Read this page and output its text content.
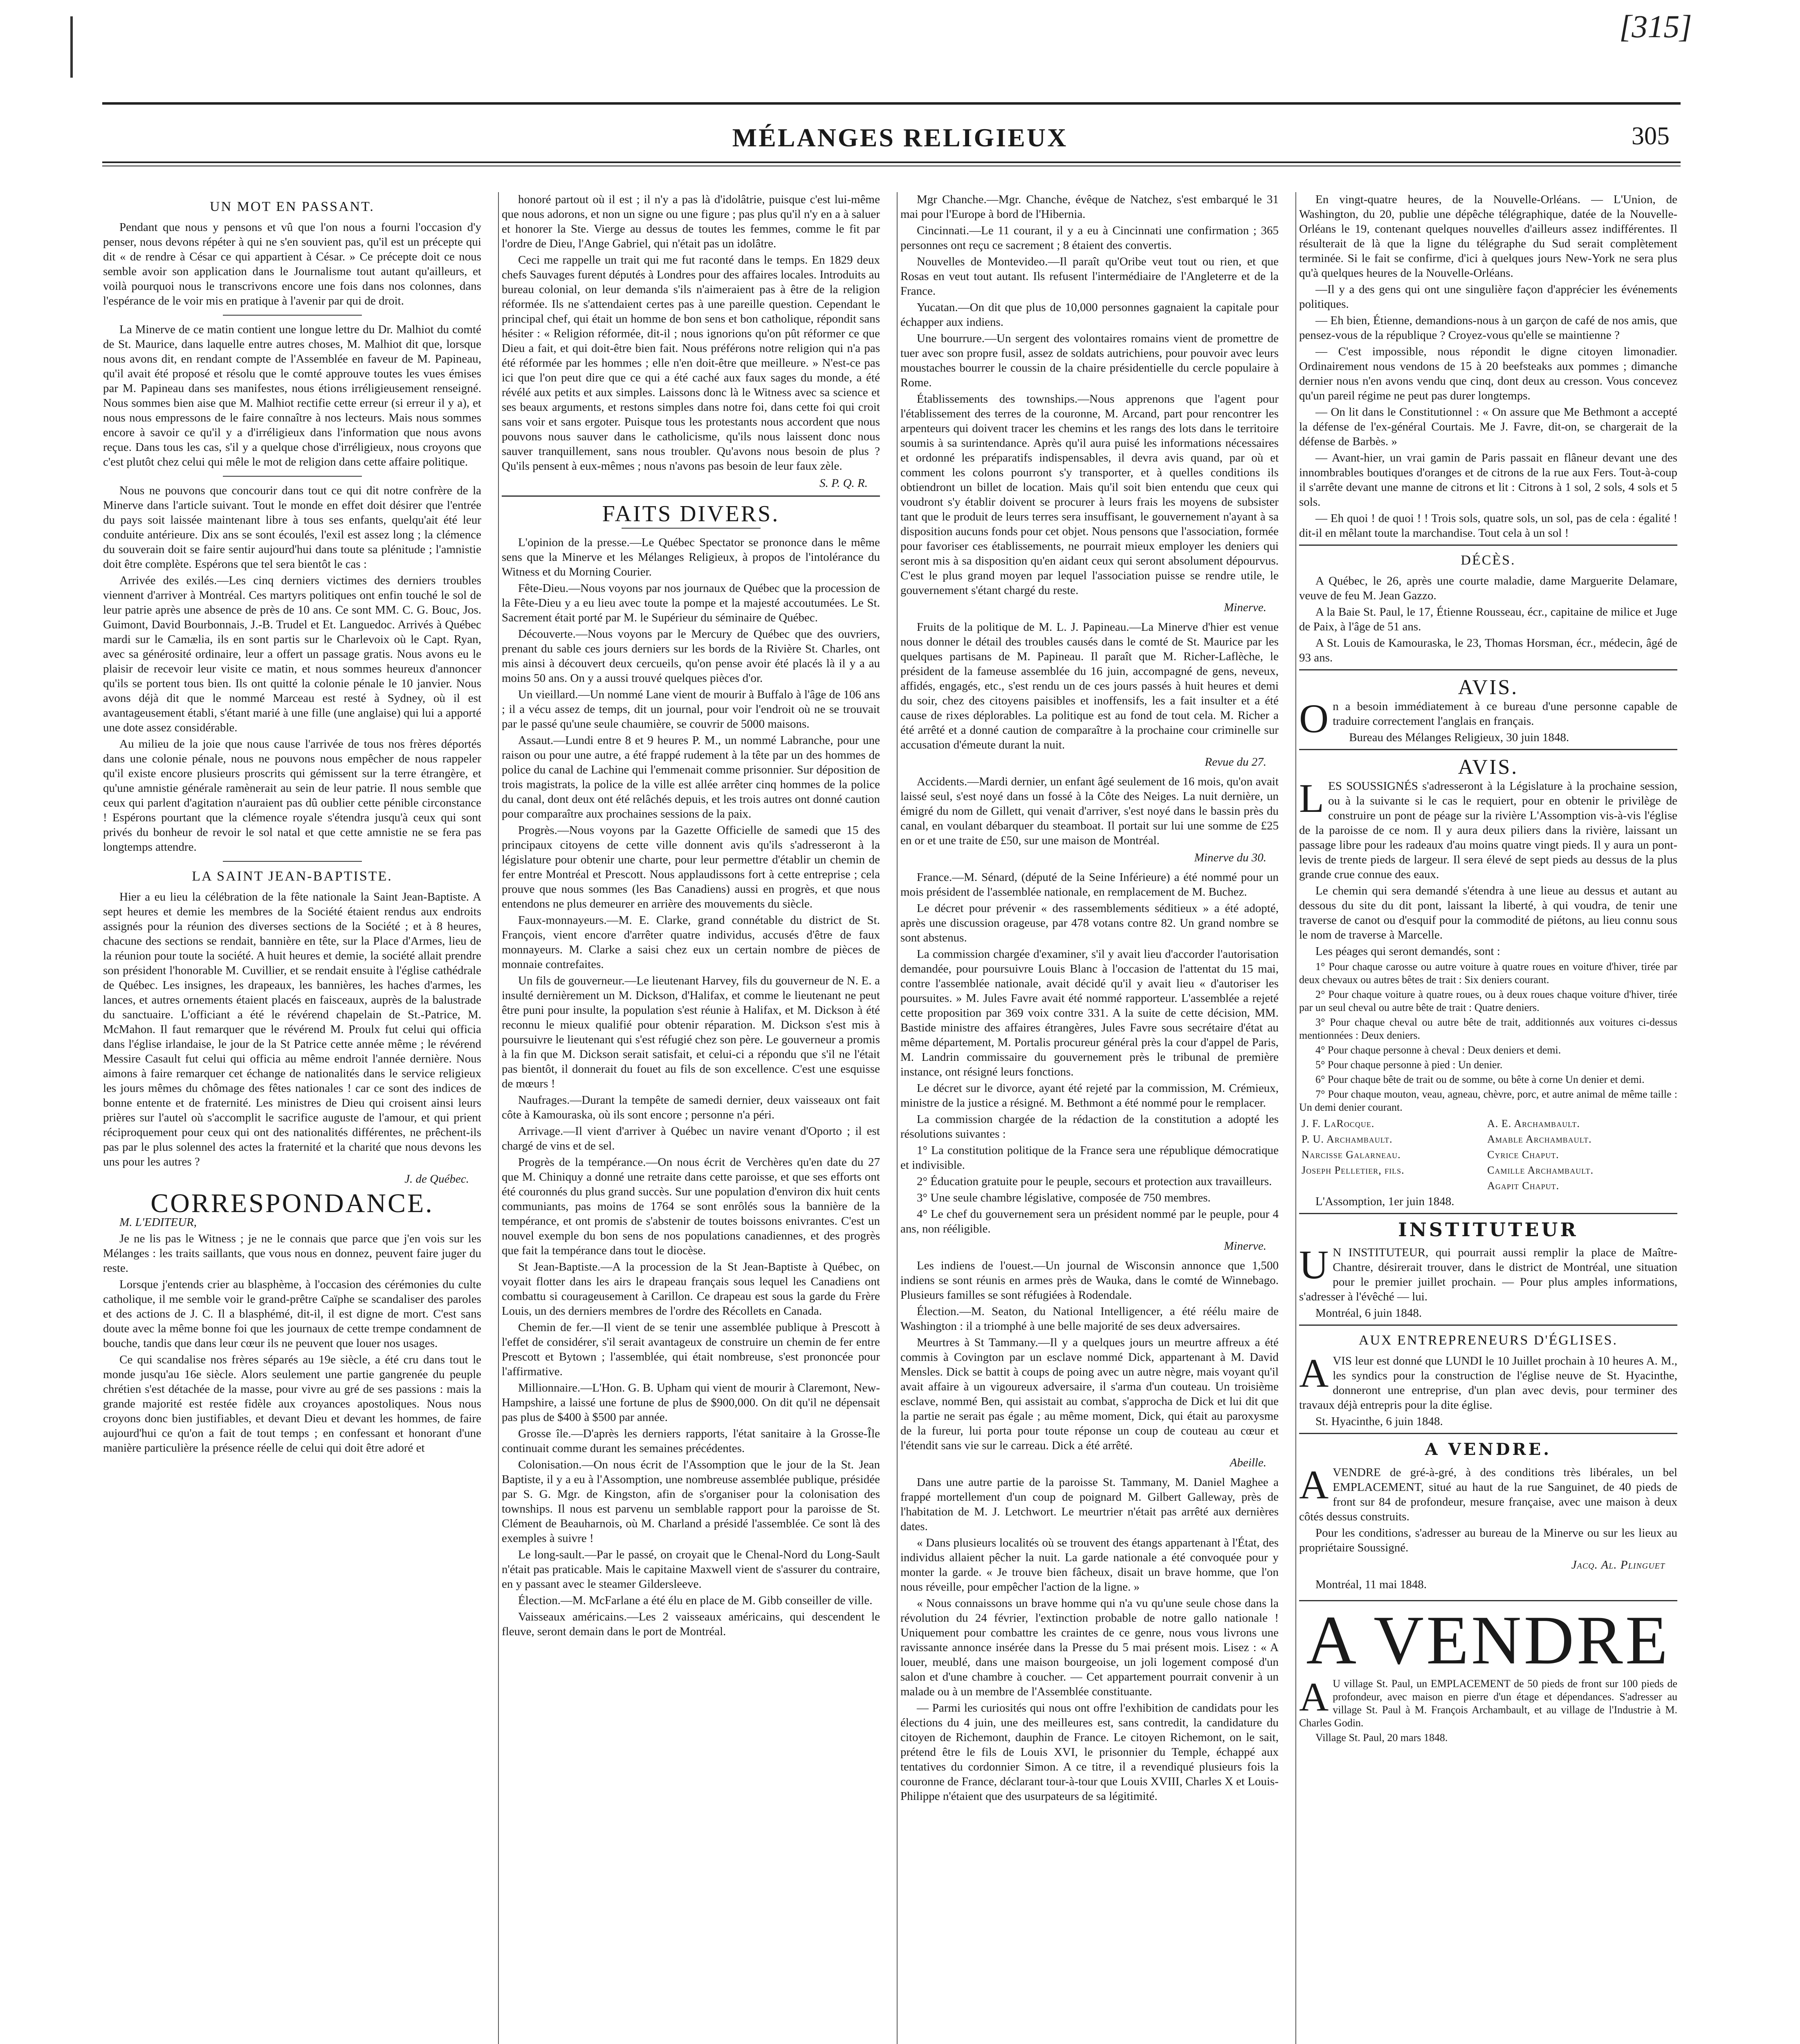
[315]
MÉLANGES RELIGIEUX	305
UN MOT EN PASSANT.

Pendant que nous y pensons et vû que l'on nous a fourni l'occasion d'y penser, nous devons répéter à qui ne s'en souvient pas, qu'il est un précepte qui dit « de rendre à César ce qui appartient à César. » Ce précepte doit ce nous semble avoir son application dans le Journalisme tout autant qu'ailleurs, et voilà pourquoi nous le transcrivons encore une fois dans nos colonnes, dans l'espérance de le voir mis en pratique à l'avenir par qui de droit.

La Minerve de ce matin contient une longue lettre du Dr. Malhiot du comté de St. Maurice, dans laquelle entre autres choses, M. Malhiot dit que, lorsque nous avons dit, en rendant compte de l'Assemblée en faveur de M. Papineau, qu'il avait été proposé et résolu que le comté approuve toutes les vues émises par M. Papineau dans ses manifestes, nous étions irréligieusement renseigné. Nous sommes bien aise que M. Malhiot rectifie cette erreur (si erreur il y a), et nous nous empressons de le faire connaître à nos lecteurs. Mais nous sommes encore à savoir ce qu'il y a d'irréligieux dans l'information que nous avons reçue. Dans tous les cas, s'il y a quelque chose d'irréligieux, nous croyons que c'est plutôt chez celui qui mêle le mot de religion dans cette affaire politique.

Nous ne pouvons que concourir dans tout ce qui dit notre confrère de la Minerve dans l'article suivant. Tout le monde en effet doit désirer que l'entrée du pays soit laissée maintenant libre à tous ses enfants, quelqu'ait été leur conduite antérieure. Dix ans se sont écoulés, l'exil est assez long ; la clémence du souverain doit se faire sentir aujourd'hui dans toute sa plénitude ; l'amnistie doit être complète. Espérons que tel sera bientôt le cas :

Arrivée des exilés.—Les cinq derniers victimes des derniers troubles viennent d'arriver à Montréal. Ces martyrs politiques ont enfin touché le sol de leur patrie après une absence de près de 10 ans. Ce sont MM. C. G. Bouc, Jos. Guimont, David Bourbonnais, J.-B. Trudel et Et. Languedoc. Arrivés à Québec mardi sur le Camælia, ils en sont partis sur le Charlevoix où le Capt. Ryan, avec sa générosité ordinaire, leur a offert un passage gratis. Nous avons eu le plaisir de recevoir leur visite ce matin, et nous sommes heureux d'annoncer qu'ils se portent tous bien. Ils ont quitté la colonie pénale le 10 janvier. Nous avons déjà dit que le nommé Marceau est resté à Sydney, où il est avantageusement établi, s'étant marié à une fille (une anglaise) qui lui a apporté une dote assez considérable.

Au milieu de la joie que nous cause l'arrivée de tous nos frères déportés dans une colonie pénale, nous ne pouvons nous empêcher de nous rappeler qu'il existe encore plusieurs proscrits qui gémissent sur la terre étrangère, et qu'une amnistie générale ramènerait au sein de leur patrie. Il nous semble que ceux qui parlent d'agitation n'auraient pas dû oublier cette pénible circonstance ! Espérons pourtant que la clémence royale s'étendra jusqu'à ceux qui sont privés du bonheur de revoir le sol natal et que cette amnistie ne se fera pas longtemps attendre.

LA SAINT JEAN-BAPTISTE.

Hier a eu lieu la célébration de la fête nationale la Saint Jean-Baptiste. A sept heures et demie les membres de la Société étaient rendus aux endroits assignés pour la réunion des diverses sections de la Société ; et à 8 heures, chacune des sections se rendait, bannière en tête, sur la Place d'Armes, lieu de la réunion pour toute la société. A huit heures et demie, la société allait prendre son président l'honorable M. Cuvillier, et se rendait ensuite à l'église cathédrale de Québec. Les insignes, les drapeaux, les bannières, les haches d'armes, les lances, et autres ornements étaient placés en faisceaux, auprès de la balustrade du sanctuaire. L'officiant a été le révérend chapelain de St.-Patrice, M. McMahon. Il faut remarquer que le révérend M. Proulx fut celui qui officia dans l'église irlandaise, le jour de la St Patrice cette année même ; le révérend Messire Casault fut celui qui officia au même endroit l'année dernière. Nous aimons à faire remarquer cet échange de nationalités dans le service religieux les jours mêmes du chômage des fêtes nationales ! car ce sont des indices de bonne entente et de fraternité. Les ministres de Dieu qui croisent ainsi leurs prières sur l'autel où s'accomplit le sacrifice auguste de l'amour, et qui prient réciproquement pour ceux qui ont des nationalités différentes, ne prêchent-ils pas par le plus solennel des actes la fraternité et la charité que nous devons les uns pour les autres ?

J. de Québec.
CORRESPONDANCE.

M. L'EDITEUR,

Je ne lis pas le Witness ; je ne le connais que parce que j'en vois sur les Mélanges : les traits saillants, que vous nous en donnez, peuvent faire juger du reste.

Lorsque j'entends crier au blasphème, à l'occasion des cérémonies du culte catholique, il me semble voir le grand-prêtre Caïphe se scandaliser des paroles et des actions de J. C. Il a blasphémé, dit-il, il est digne de mort. C'est sans doute avec la même bonne foi que les journaux de cette trempe condamnent de bouche, tandis que dans leur cœur ils ne peuvent que louer nos usages.

Ce qui scandalise nos frères séparés au 19e siècle, a été cru dans tout le monde jusqu'au 16e siècle. Alors seulement une partie gangrenée du peuple chrétien s'est détachée de la masse, pour vivre au gré de ses passions : mais la grande majorité est restée fidèle aux croyances apostoliques. Nous nous croyons donc bien justifiables, et devant Dieu et devant les hommes, de faire aujourd'hui ce qu'on a fait de tout temps ; en confessant et honorant d'une manière particulière la présence réelle de celui qui doit être adoré et

honoré partout où il est ; il n'y a pas là d'idolâtrie, puisque c'est lui-même que nous adorons, et non un signe ou une figure ; pas plus qu'il n'y en a à saluer et honorer la Ste. Vierge au dessus de toutes les femmes, comme le fit par l'ordre de Dieu, l'Ange Gabriel, qui n'était pas un idolâtre.

Ceci me rappelle un trait qui me fut raconté dans le temps. En 1829 deux chefs Sauvages furent députés à Londres pour des affaires locales. Introduits au bureau colonial, on leur demanda s'ils n'aimeraient pas à être de la religion réformée. Ils ne s'attendaient certes pas à une pareille question. Cependant le principal chef, qui était un homme de bon sens et bon catholique, répondit sans hésiter : « Religion réformée, dit-il ; nous ignorions qu'on pût réformer ce que Dieu a fait, et qui doit-être bien fait. Nous préférons notre religion qui n'a pas été réformée par les hommes ; elle n'en doit-être que meilleure. » N'est-ce pas ici que l'on peut dire que ce qui a été caché aux faux sages du monde, a été révélé aux petits et aux simples. Laissons donc là le Witness avec sa science et ses beaux arguments, et restons simples dans notre foi, dans cette foi qui croit sans voir et sans ergoter. Puisque tous les protestants nous accordent que nous pouvons nous sauver dans le catholicisme, qu'ils nous laissent donc nous sauver tranquillement, sans nous troubler. Qu'avons nous besoin de plus ? Qu'ils pensent à eux-mêmes ; nous n'avons pas besoin de leur faux zèle.

S. P. Q. R.
FAITS DIVERS.

L'opinion de la presse.—Le Québec Spectator se prononce dans le même sens que la Minerve et les Mélanges Religieux, à propos de l'intolérance du Witness et du Morning Courier.

Fête-Dieu.—Nous voyons par nos journaux de Québec que la procession de la Fête-Dieu y a eu lieu avec toute la pompe et la majesté accoutumées. Le St. Sacrement était porté par M. le Supérieur du séminaire de Québec.

Découverte.—Nous voyons par le Mercury de Québec que des ouvriers, prenant du sable ces jours derniers sur les bords de la Rivière St. Charles, ont mis ainsi à découvert deux cercueils, qu'on pense avoir été placés là il y a au moins 50 ans. On y a aussi trouvé quelques pièces d'or.

Un vieillard.—Un nommé Lane vient de mourir à Buffalo à l'âge de 106 ans ; il a vécu assez de temps, dit un journal, pour voir l'endroit où ne se trouvait par le passé qu'une seule chaumière, se couvrir de 5000 maisons.

Assaut.—Lundi entre 8 et 9 heures P. M., un nommé Labranche, pour une raison ou pour une autre, a été frappé rudement à la tête par un des hommes de police du canal de Lachine qui l'emmenait comme prisonnier. Sur déposition de trois magistrats, la police de la ville est allée arrêter cinq hommes de la police du canal, dont deux ont été relâchés depuis, et les trois autres ont donné caution pour comparaître aux prochaines sessions de la paix.

Progrès.—Nous voyons par la Gazette Officielle de samedi que 15 des principaux citoyens de cette ville donnent avis qu'ils s'adresseront à la législature pour obtenir une charte, pour leur permettre d'établir un chemin de fer entre Montréal et Prescott. Nous applaudissons fort à cette entreprise ; cela prouve que nous sommes (les Bas Canadiens) aussi en progrès, et que nous entendons ne plus demeurer en arrière des mouvements du siècle.

Faux-monnayeurs.—M. E. Clarke, grand connétable du district de St. François, vient encore d'arrêter quatre individus, accusés d'être de faux monnayeurs. M. Clarke a saisi chez eux un certain nombre de pièces de monnaie contrefaites.

Un fils de gouverneur.—Le lieutenant Harvey, fils du gouverneur de N. E. a insulté dernièrement un M. Dickson, d'Halifax, et comme le lieutenant ne peut être puni pour insulte, la population s'est réunie à Halifax, et M. Dickson à été reconnu le mieux qualifié pour obtenir réparation. M. Dickson s'est mis à poursuivre le lieutenant qui s'est réfugié chez son père. Le gouverneur a promis à la fin que M. Dickson serait satisfait, et celui-ci a répondu que s'il ne l'était pas bientôt, il donnerait du fouet au fils de son excellence. C'est une esquisse de mœurs !

Naufrages.—Durant la tempête de samedi dernier, deux vaisseaux ont fait côte à Kamouraska, où ils sont encore ; personne n'a péri.

Arrivage.—Il vient d'arriver à Québec un navire venant d'Oporto ; il est chargé de vins et de sel.

Progrès de la tempérance.—On nous écrit de Verchères qu'en date du 27 que M. Chiniquy a donné une retraite dans cette paroisse, et que ses efforts ont été couronnés du plus grand succès. Sur une population d'environ dix huit cents communiants, pas moins de 1764 se sont enrôlés sous la bannière de la tempérance, et ont promis de s'abstenir de toutes boissons enivrantes. C'est un nouvel exemple du bon sens de nos populations canadiennes, et des progrès que fait la tempérance dans tout le diocèse.

St Jean-Baptiste.—A la procession de la St Jean-Baptiste à Québec, on voyait flotter dans les airs le drapeau français sous lequel les Canadiens ont combattu si courageusement à Carillon. Ce drapeau est sous la garde du Frère Louis, un des derniers membres de l'ordre des Récollets en Canada.

Chemin de fer.—Il vient de se tenir une assemblée publique à Prescott à l'effet de considérer, s'il serait avantageux de construire un chemin de fer entre Prescott et Bytown ; l'assemblée, qui était nombreuse, s'est prononcée pour l'affirmative.

Millionnaire.—L'Hon. G. B. Upham qui vient de mourir à Claremont, New-Hampshire, a laissé une fortune de plus de $900,000. On dit qu'il ne dépensait pas plus de $400 à $500 par année.

Grosse île.—D'après les derniers rapports, l'état sanitaire à la Grosse-Île continuait comme durant les semaines précédentes.

Colonisation.—On nous écrit de l'Assomption que le jour de la St. Jean Baptiste, il y a eu à l'Assomption, une nombreuse assemblée publique, présidée par S. G. Mgr. de Kingston, afin de s'organiser pour la colonisation des townships. Il nous est parvenu un semblable rapport pour la paroisse de St. Clément de Beauharnois, où M. Charland a présidé l'assemblée. Ce sont là des exemples à suivre !

Le long-sault.—Par le passé, on croyait que le Chenal-Nord du Long-Sault n'était pas praticable. Mais le capitaine Maxwell vient de s'assurer du contraire, en y passant avec le steamer Gildersleeve.

Élection.—M. McFarlane a été élu en place de M. Gibb conseiller de ville.

Vaisseaux américains.—Les 2 vaisseaux américains, qui descendent le fleuve, seront demain dans le port de Montréal.

Mgr Chanche.—Mgr. Chanche, évêque de Natchez, s'est embarqué le 31 mai pour l'Europe à bord de l'Hibernia.

Cincinnati.—Le 11 courant, il y a eu à Cincinnati une confirmation ; 365 personnes ont reçu ce sacrement ; 8 étaient des convertis.

Nouvelles de Montevideo.—Il paraît qu'Oribe veut tout ou rien, et que Rosas en veut tout autant. Ils refusent l'intermédiaire de l'Angleterre et de la France.

Yucatan.—On dit que plus de 10,000 personnes gagnaient la capitale pour échapper aux indiens.

Une bourrure.—Un sergent des volontaires romains vient de promettre de tuer avec son propre fusil, assez de soldats autrichiens, pour pouvoir avec leurs moustaches bourrer le coussin de la chaire présidentielle du cercle populaire à Rome.

Établissements des townships.—Nous apprenons que l'agent pour l'établissement des terres de la couronne, M. Arcand, part pour rencontrer les arpenteurs qui doivent tracer les chemins et les rangs des lots dans le territoire soumis à sa surintendance. Après qu'il aura puisé les informations nécessaires et ordonné les préparatifs indispensables, il devra avis quand, par où et comment les colons pourront s'y transporter, et à quelles conditions ils obtiendront un billet de location. Mais qu'il soit bien entendu que ceux qui voudront s'y établir doivent se procurer à leurs frais les moyens de subsister tant que le produit de leurs terres sera insuffisant, le gouvernement n'ayant à sa disposition aucuns fonds pour cet objet. Nous pensons que l'association, formée pour favoriser ces établissements, ne pourrait mieux employer les deniers qui seront mis à sa disposition qu'en aidant ceux qui seront absolument dépourvus. C'est le plus grand moyen par lequel l'association puisse se rendre utile, le gouvernement s'étant chargé du reste.

Minerve.

Fruits de la politique de M. L. J. Papineau.—La Minerve d'hier est venue nous donner le détail des troubles causés dans le comté de St. Maurice par les quelques partisans de M. Papineau. Il paraît que M. Richer-Laflèche, le président de la fameuse assemblée du 16 juin, accompagné de gens, neveux, affidés, engagés, etc., s'est rendu un de ces jours passés à huit heures et demi du soir, chez des citoyens paisibles et inoffensifs, les a fait insulter et a été cause de rixes déplorables. La politique est au fond de tout cela. M. Richer a été arrêté et a donné caution de comparaître à la prochaine cour criminelle sur accusation d'émeute durant la nuit.

Revue du 27.

Accidents.—Mardi dernier, un enfant âgé seulement de 16 mois, qu'on avait laissé seul, s'est noyé dans un fossé à la Côte des Neiges. La nuit dernière, un émigré du nom de Gillett, qui venait d'arriver, s'est noyé dans le bassin près du canal, en voulant débarquer du steamboat. Il portait sur lui une somme de £25 en or et une traite de £50, sur une maison de Montréal.

Minerve du 30.

France.—M. Sénard, (député de la Seine Inférieure) a été nommé pour un mois président de l'assemblée nationale, en remplacement de M. Buchez.

Le décret pour prévenir « des rassemblements séditieux » a été adopté, après une discussion orageuse, par 478 votans contre 82. Un grand nombre se sont abstenus.

La commission chargée d'examiner, s'il y avait lieu d'accorder l'autorisation demandée, pour poursuivre Louis Blanc à l'occasion de l'attentat du 15 mai, contre l'assemblée nationale, avait décidé qu'il y avait lieu « d'autoriser les poursuites. » M. Jules Favre avait été nommé rapporteur. L'assemblée a rejeté cette proposition par 369 voix contre 331. A la suite de cette décision, MM. Bastide ministre des affaires étrangères, Jules Favre sous secrétaire d'état au même département, M. Portalis procureur général près la cour d'appel de Paris, M. Landrin commissaire du gouvernement près le tribunal de première instance, ont résigné leurs fonctions.

Le décret sur le divorce, ayant été rejeté par la commission, M. Crémieux, ministre de la justice a résigné. M. Bethmont a été nommé pour le remplacer.

La commission chargée de la rédaction de la constitution a adopté les résolutions suivantes :

1° La constitution politique de la France sera une république démocratique et indivisible.

2° Éducation gratuite pour le peuple, secours et protection aux travailleurs.

3° Une seule chambre législative, composée de 750 membres.

4° Le chef du gouvernement sera un président nommé par le peuple, pour 4 ans, non rééligible.

Minerve.

Les indiens de l'ouest.—Un journal de Wisconsin annonce que 1,500 indiens se sont réunis en armes près de Wauka, dans le comté de Winnebago. Plusieurs familles se sont réfugiées à Rodendale.

Élection.—M. Seaton, du National Intelligencer, a été réélu maire de Washington : il a triomphé à une belle majorité de ses deux adversaires.

Meurtres à St Tammany.—Il y a quelques jours un meurtre affreux a été commis à Covington par un esclave nommé Dick, appartenant à M. David Mensles. Dick se battit à coups de poing avec un autre nègre, mais voyant qu'il avait affaire à un vigoureux adversaire, il s'arma d'un couteau. Un troisième esclave, nommé Ben, qui assistait au combat, s'approcha de Dick et lui dit que la partie ne serait pas égale ; au même moment, Dick, qui était au paroxysme de la fureur, lui porta pour toute réponse un coup de couteau au cœur et l'étendit sans vie sur le carreau. Dick a été arrêté.

Abeille.

Dans une autre partie de la paroisse St. Tammany, M. Daniel Maghee a frappé mortellement d'un coup de poignard M. Gilbert Galleway, près de l'habitation de M. J. Letchwort. Le meurtrier n'était pas arrêté aux dernières dates.

« Dans plusieurs localités où se trouvent des étangs appartenant à l'État, des individus allaient pêcher la nuit. La garde nationale a été convoquée pour y monter la garde. « Je trouve bien fâcheux, disait un brave homme, que l'on nous réveille, pour empêcher l'action de la ligne. »

« Nous connaissons un brave homme qui n'a vu qu'une seule chose dans la révolution du 24 février, l'extinction probable de notre gallo nationale ! Uniquement pour combattre les craintes de ce genre, nous vous livrons une ravissante annonce insérée dans la Presse du 5 mai présent mois. Lisez : « A louer, meublé, dans une maison bourgeoise, un joli logement composé d'un salon et d'une chambre à coucher. — Cet appartement pourrait convenir à un malade ou à un membre de l'Assemblée constituante.

— Parmi les curiosités qui nous ont offre l'exhibition de candidats pour les élections du 4 juin, une des meilleures est, sans contredit, la candidature du citoyen de Richemont, dauphin de France. Le citoyen Richemont, on le sait, prétend être le fils de Louis XVI, le prisonnier du Temple, échappé aux tentatives du cordonnier Simon. A ce titre, il a revendiqué plusieurs fois la couronne de France, déclarant tour-à-tour que Louis XVIII, Charles X et Louis-Philippe n'étaient que des usurpateurs de sa légitimité.

En vingt-quatre heures, de la Nouvelle-Orléans. — L'Union, de Washington, du 20, publie une dépêche télégraphique, datée de la Nouvelle-Orléans le 19, contenant quelques nouvelles d'ailleurs assez indifférentes. Il résulterait de là que la ligne du télégraphe du Sud serait complètement terminée. Si le fait se confirme, d'ici à quelques jours New-York ne sera plus qu'à quelques heures de la Nouvelle-Orléans.

—Il y a des gens qui ont une singulière façon d'apprécier les événements politiques.

— Eh bien, Étienne, demandions-nous à un garçon de café de nos amis, que pensez-vous de la république ? Croyez-vous qu'elle se maintienne ?

— C'est impossible, nous répondit le digne citoyen limonadier. Ordinairement nous vendons de 15 à 20 beefsteaks aux pommes ; dimanche dernier nous n'en avons vendu que cinq, dont deux au cresson. Vous concevez qu'un pareil régime ne peut pas durer longtemps.

— On lit dans le Constitutionnel : « On assure que Me Bethmont a accepté la défense de l'ex-général Courtais. Me J. Favre, dit-on, se chargerait de la défense de Barbès. »

— Avant-hier, un vrai gamin de Paris passait en flâneur devant une des innombrables boutiques d'oranges et de citrons de la rue aux Fers. Tout-à-coup il s'arrête devant une manne de citrons et lit : Citrons à 1 sol, 2 sols, 4 sols et 5 sols.

— Eh quoi ! de quoi ! ! Trois sols, quatre sols, un sol, pas de cela : égalité ! dit-il en mêlant toute la marchandise. Tout cela à un sol !

DÉCÈS.

A Québec, le 26, après une courte maladie, dame Marguerite Delamare, veuve de feu M. Jean Gazzo.

A la Baie St. Paul, le 17, Étienne Rousseau, écr., capitaine de milice et Juge de Paix, à l'âge de 51 ans.

A St. Louis de Kamouraska, le 23, Thomas Horsman, écr., médecin, âgé de 93 ans.

AVIS.

O n a besoin immédiatement à ce bureau d'une personne capable de traduire correctement l'anglais en français.

Bureau des Mélanges Religieux, 30 juin 1848.

AVIS.

L ES SOUSSIGNÉS s'adresseront à la Législature à la prochaine session, ou à la suivante si le cas le requiert, pour en obtenir le privilège de construire un pont de péage sur la rivière L'Assomption vis-à-vis l'église de la paroisse de ce nom. Il y aura deux piliers dans la rivière, laissant un passage libre pour les radeaux d'au moins quatre vingt pieds. Il y aura un pont-levis de trente pieds de largeur. Il sera élevé de sept pieds au dessus de la plus grande crue connue des eaux.

Le chemin qui sera demandé s'étendra à une lieue au dessus et autant au dessous du site du dit pont, laissant la liberté, à qui voudra, de tenir une traverse de canot ou d'esquif pour la commodité de piétons, au lieu connu sous le nom de traverse à Marcelle.

Les péages qui seront demandés, sont :

1° Pour chaque carosse ou autre voiture à quatre roues en voiture d'hiver, tirée par deux chevaux ou autres bêtes de trait : Six deniers courant.

2° Pour chaque voiture à quatre roues, ou à deux roues chaque voiture d'hiver, tirée par un seul cheval ou autre bête de trait : Quatre deniers.

3° Pour chaque cheval ou autre bête de trait, additionnés aux voitures ci-dessus mentionnées : Deux deniers.

4° Pour chaque personne à cheval : Deux deniers et demi.

5° Pour chaque personne à pied : Un denier.

6° Pour chaque bête de trait ou de somme, ou bête à corne Un denier et demi.

7° Pour chaque mouton, veau, agneau, chèvre, porc, et autre animal de même taille : Un demi denier courant.

J. F. LaRocque.	A. E. Archambault.
P. U. Archambault.	Amable Archambault.
Narcisse Galarneau.	Cyrice Chaput.
Joseph Pelletier, fils.	Camille Archambault.
	Agapit Chaput.

L'Assomption, 1er juin 1848.

INSTITUTEUR

U N INSTITUTEUR, qui pourrait aussi remplir la place de Maître-Chantre, désirerait trouver, dans le district de Montréal, une situation pour le premier juillet prochain. — Pour plus amples informations, s'adresser à l'évêché — lui.

Montréal, 6 juin 1848.

AUX ENTREPRENEURS D'ÉGLISES.

A VIS leur est donné que LUNDI le 10 Juillet prochain à 10 heures A. M., les syndics pour la construction de l'église neuve de St. Hyacinthe, donneront une entreprise, d'un plan avec devis, pour terminer des travaux déjà entrepris pour la dite église.

St. Hyacinthe, 6 juin 1848.

A VENDRE.

A VENDRE de gré-à-gré, à des conditions très libérales, un bel EMPLACEMENT, situé au haut de la rue Sanguinet, de 40 pieds de front sur 84 de profondeur, mesure française, avec une maison à deux côtés dessus construits.

Pour les conditions, s'adresser au bureau de la Minerve ou sur les lieux au propriétaire Soussigné.

Jacq. Al. Plinguet

Montréal, 11 mai 1848.

A VENDRE

A U village St. Paul, un EMPLACEMENT de 50 pieds de front sur 100 pieds de profondeur, avec maison en pierre d'un étage et dépendances. S'adresser au village St. Paul à M. François Archambault, et au village de l'Industrie à M. Charles Godin.

Village St. Paul, 20 mars 1848.
